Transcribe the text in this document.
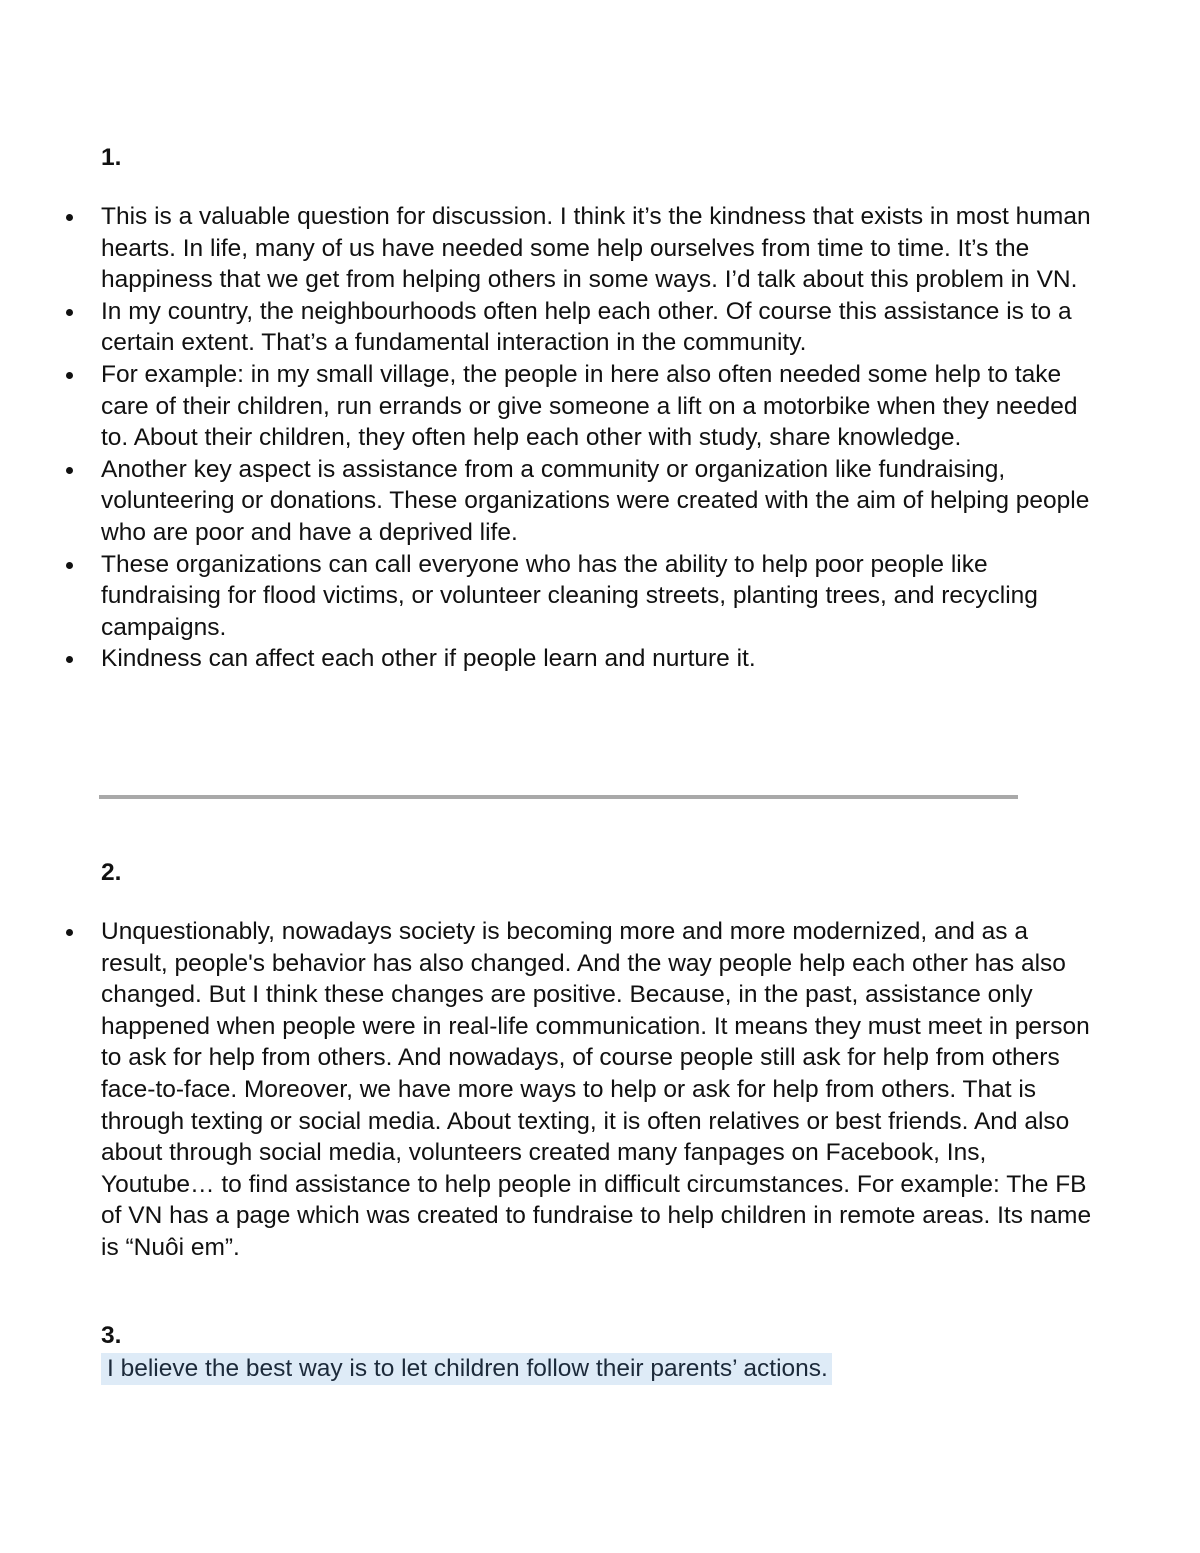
1.

This is a valuable question for discussion. I think it’s the kindness that exists in most human hearts. In life, many of us have needed some help ourselves from time to time. It’s the happiness that we get from helping others in some ways. I’d talk about this problem in VN.
In my country, the neighbourhoods often help each other. Of course this assistance is to a certain extent. That’s a fundamental interaction in the community.
For example: in my small village, the people in here also often needed some help to take care of their children, run errands or give someone a lift on a motorbike when they needed to. About their children, they often help each other with study, share knowledge.
Another key aspect is assistance from a community or organization like fundraising, volunteering or donations. These organizations were created with the aim of helping people who are poor and have a deprived life.
These organizations can call everyone who has the ability to help poor people like fundraising for flood victims, or volunteer cleaning streets, planting trees, and recycling campaigns.
Kindness can affect each other if people learn and nurture it.

2.

Unquestionably, nowadays society is becoming more and more modernized, and as a result, people's behavior has also changed. And the way people help each other has also changed. But I think these changes are positive. Because, in the past, assistance only happened when people were in real-life communication. It means they must meet in person to ask for help from others. And nowadays, of course people still ask for help from others face-to-face. Moreover, we have more ways to help or ask for help from others. That is through texting or social media. About texting, it is often relatives or best friends. And also about through social media, volunteers created many fanpages on Facebook, Ins, Youtube… to find assistance to help people in difficult circumstances. For example: The FB of VN has a page which was created to fundraise to help children in remote areas. Its name is “Nuôi em”.

3.

I believe the best way is to let children follow their parents’ actions.
